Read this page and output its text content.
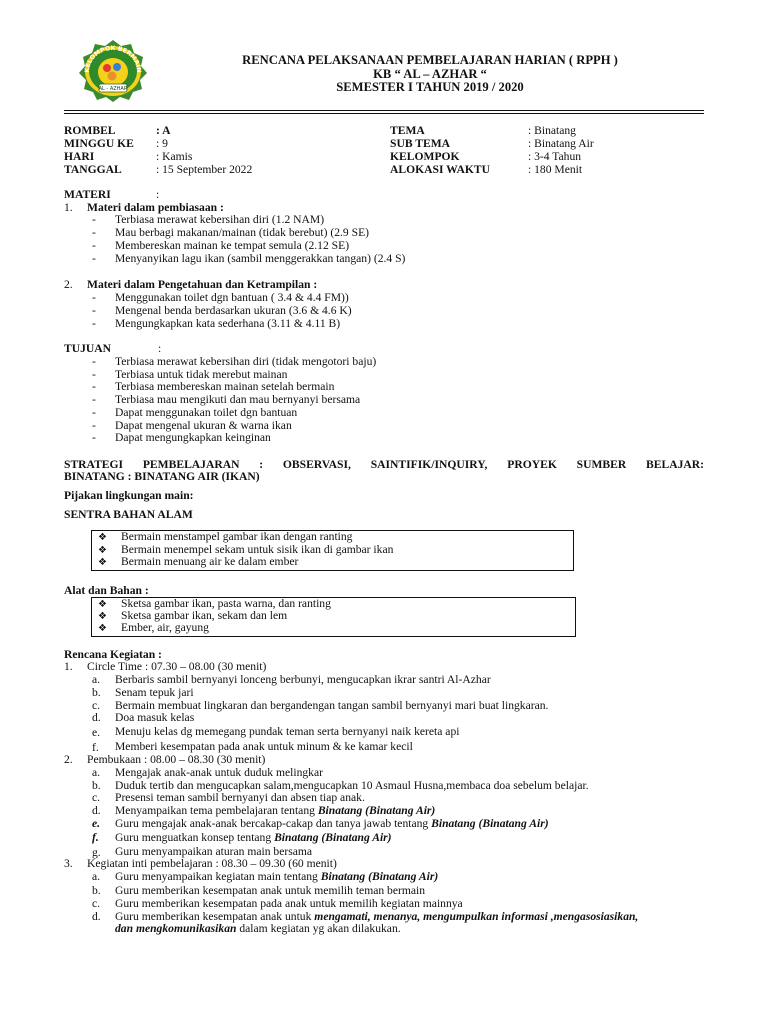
KELOMPOK BERMAIN
AL - AZHAR
RENCANA PELAKSANAAN PEMBELAJARAN HARIAN ( RPPH )
KB “ AL – AZHAR “
SEMESTER I TAHUN 2019 / 2020
ROMBEL	: A
MINGGU KE : 9
HARI	: Kamis
TANGGAL	: 15 September 2022
TEMA	: Binatang
SUB TEMA	: Binatang Air
KELOMPOK	: 3-4 Tahun
ALOKASI WAKTU	: 180 Menit
MATERI	:
1. Materi dalam pembiasaan :
- Terbiasa merawat kebersihan diri (1.2 NAM)
- Mau berbagi makanan/mainan (tidak berebut) (2.9 SE)
- Membereskan mainan ke tempat semula (2.12 SE)
- Menyanyikan lagu ikan (sambil menggerakkan tangan) (2.4 S)
2. Materi dalam Pengetahuan dan Ketrampilan :
- Menggunakan toilet dgn bantuan ( 3.4 & 4.4 FM))
- Mengenal benda berdasarkan ukuran (3.6 & 4.6 K)
- Mengungkapkan kata sederhana (3.11 & 4.11 B)
TUJUAN	:
- Terbiasa merawat kebersihan diri (tidak mengotori baju)
- Terbiasa untuk tidak merebut mainan
- Terbiasa membereskan mainan setelah bermain
- Terbiasa mau mengikuti dan mau bernyanyi bersama
- Dapat menggunakan toilet dgn bantuan
- Dapat mengenal ukuran & warna ikan
- Dapat mengungkapkan keinginan
STRATEGI PEMBELAJARAN : OBSERVASI, SAINTIFIK/INQUIRY, PROYEK SUMBER BELAJAR:
BINATANG : BINATANG AIR (IKAN)
Pijakan lingkungan main:
SENTRA BAHAN ALAM
❖ Bermain menstampel gambar ikan dengan ranting
❖ Bermain menempel sekam untuk sisik ikan di gambar ikan
❖ Bermain menuang air ke dalam ember
Alat dan Bahan :
❖ Sketsa gambar ikan, pasta warna, dan ranting
❖ Sketsa gambar ikan, sekam dan lem
❖ Ember, air, gayung
Rencana Kegiatan :
1. Circle Time : 07.30 – 08.00 (30 menit)
a. Berbaris sambil bernyanyi lonceng berbunyi, mengucapkan ikrar santri Al-Azhar
b. Senam tepuk jari
c. Bermain membuat lingkaran dan bergandengan tangan sambil bernyanyi mari buat lingkaran.
d. Doa masuk kelas
e. Menuju kelas dg memegang pundak teman serta bernyanyi naik kereta api
f. Memberi kesempatan pada anak untuk minum & ke kamar kecil
2. Pembukaan : 08.00 – 08.30 (30 menit)
a. Mengajak anak-anak untuk duduk melingkar
b. Duduk tertib dan mengucapkan salam,mengucapkan 10 Asmaul Husna,membaca doa sebelum belajar.
c. Presensi teman sambil bernyanyi dan absen tiap anak.
d. Menyampaikan tema pembelajaran tentang Binatang (Binatang Air)
e. Guru mengajak anak-anak bercakap-cakap dan tanya jawab tentang Binatang (Binatang Air)
f. Guru menguatkan konsep tentang Binatang (Binatang Air)
g. Guru menyampaikan aturan main bersama
3. Kegiatan inti pembelajaran : 08.30 – 09.30 (60 menit)
a. Guru menyampaikan kegiatan main tentang Binatang (Binatang Air)
b. Guru memberikan kesempatan anak untuk memilih teman bermain
c. Guru memberikan kesempatan pada anak untuk memilih kegiatan mainnya
d. Guru memberikan kesempatan anak untuk mengamati, menanya, mengumpulkan informasi ,mengasosiasikan,
dan mengkomunikasikan dalam kegiatan yg akan dilakukan.
